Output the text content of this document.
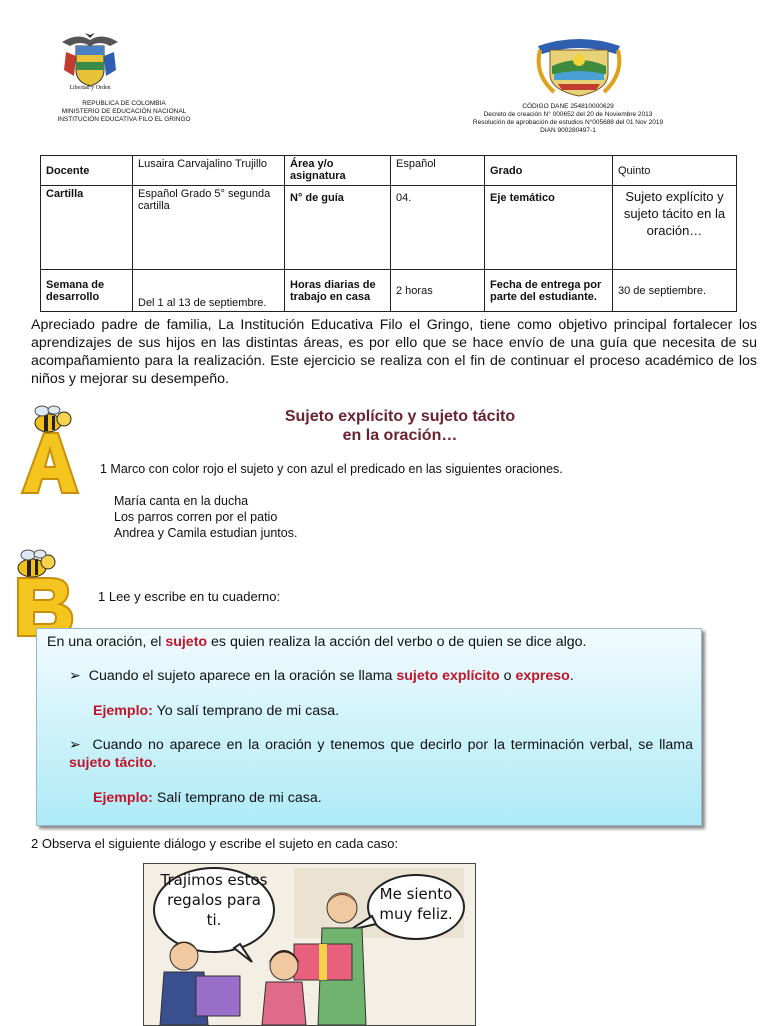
Libertad y Orden
REPUBLICA DE COLOMBIA
MINISTERIO DE EDUCACIÓN NACIONAL
INSTITUCIÓN EDUCATIVA FILO EL GRINGO
CÓDIGO DANE 254810000629
Decreto de creación N° 000652 del 20 de Noviembre 2013
Resolución de aprobación de estudios N°005688 del 01 Nov 2019
DIAN 900280497-1
Docente	Lusaira Carvajalino Trujillo	Área y/o asignatura	Español	Grado	Quinto
Cartilla	Español Grado 5° segunda cartilla	N° de guía	04.	Eje temático	Sujeto explícito y sujeto tácito en la oración…
Semana de desarrollo	Del 1 al 13 de septiembre.	Horas diarias de trabajo en casa	2 horas	Fecha de entrega por parte del estudiante.	30 de septiembre.
Apreciado padre de familia, La Institución Educativa Filo el Gringo, tiene como objetivo principal fortalecer los aprendizajes de sus hijos en las distintas áreas, es por ello que se hace envío de una guía que necesita de su acompañamiento para la realización. Este ejercicio se realiza con el fin de continuar el proceso académico de los niños y mejorar su desempeño.
Sujeto explícito y sujeto tácito
en la oración…
1 Marco con color rojo el sujeto y con azul el predicado en las siguientes oraciones.
María canta en la ducha
Los parros corren por el patio
Andrea y Camila estudian juntos.
1 Lee y escribe en tu cuaderno:

En una oración, el sujeto es quien realiza la acción del verbo o de quien se dice algo.

➢  Cuando el sujeto aparece en la oración se llama sujeto explícito o expreso.

Ejemplo: Yo salí temprano de mi casa.

➢  Cuando no aparece en la oración y tenemos que decirlo por la terminación verbal, se llama sujeto tácito.

Ejemplo: Salí temprano de mi casa.

2 Observa el siguiente diálogo y escribe el sujeto en cada caso:
Trajimos estos regalos para ti.
Me siento muy feliz.
